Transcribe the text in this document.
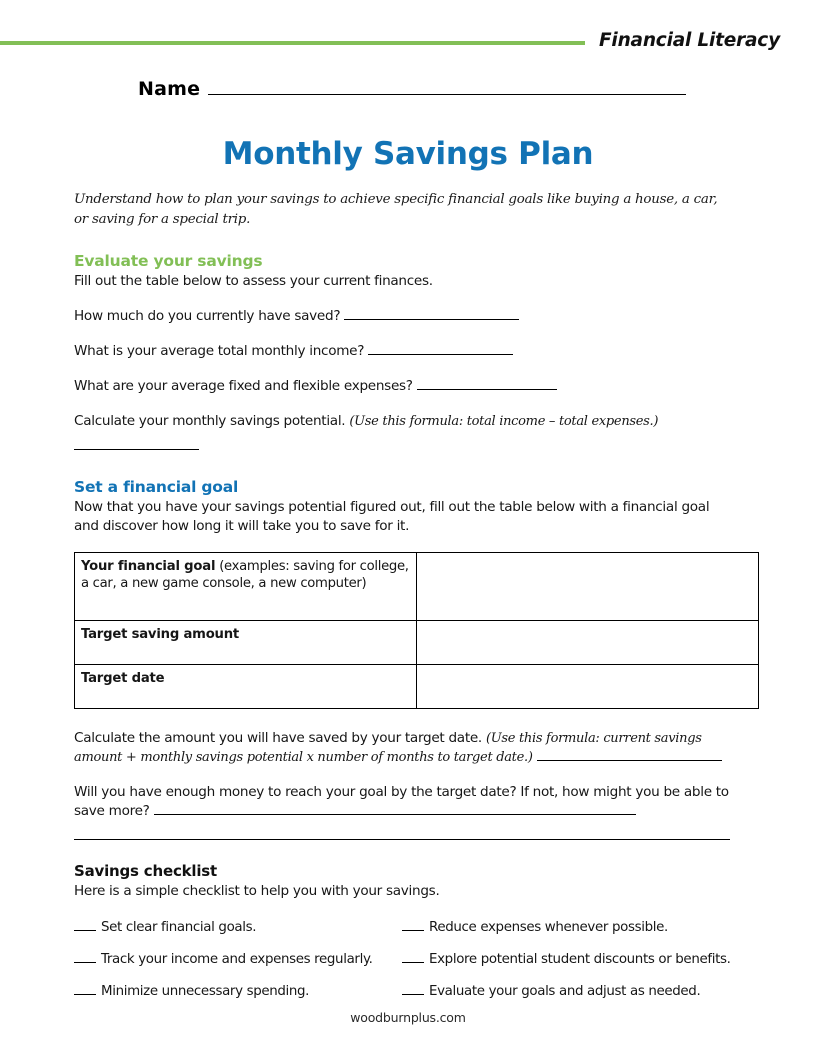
Financial Literacy
Name
Monthly Savings Plan

Understand how to plan your savings to achieve specific financial goals like buying a house, a car, or saving for a special trip.

Evaluate your savings

Fill out the table below to assess your current finances.

How much do you currently have saved?
What is your average total monthly income?
What are your average fixed and flexible expenses?
Calculate your monthly savings potential. (Use this formula: total income – total expenses.)

Set a financial goal

Now that you have your savings potential figured out, fill out the table below with a financial goal and discover how long it will take you to save for it.

Your financial goal (examples: saving for college, a car, a new game console, a new computer)	
Target saving amount	
Target date	
Calculate the amount you will have saved by your target date. (Use this formula: current savings amount + monthly savings potential x number of months to target date.)
Will you have enough money to reach your goal by the target date? If not, how might you be able to save more?
Savings checklist

Here is a simple checklist to help you with your savings.

Set clear financial goals.
Track your income and expenses regularly.
Minimize unnecessary spending.
Reduce expenses whenever possible.
Explore potential student discounts or benefits.
Evaluate your goals and adjust as needed.
woodburnplus.com
